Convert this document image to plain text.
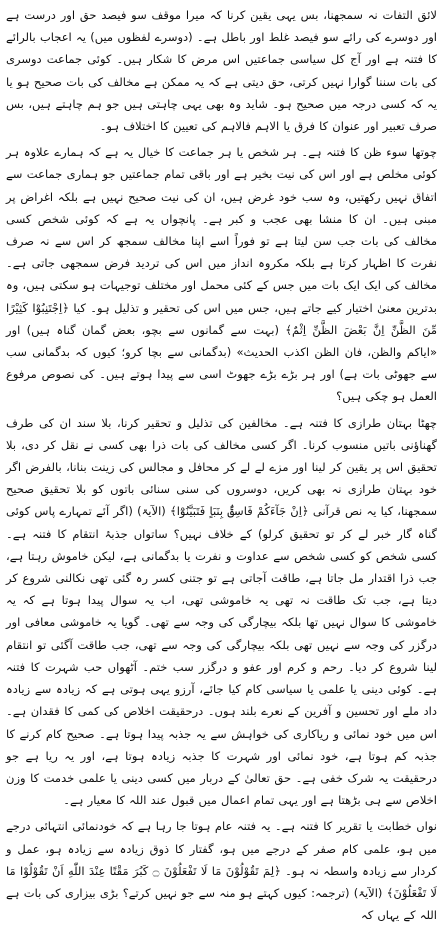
لائق التفات نہ سمجھنا، بس یہی یقین کرنا کہ میرا موقف سو فیصد حق اور درست ہے اور دوسرے کی رائے سو فیصد غلط اور باطل ہے۔ (دوسرے لفظوں میں) یہ اعجاب بالرائے کا فتنہ ہے اور آج کل سیاسی جماعتیں اس مرض کا شکار ہیں۔ کوئی جماعت دوسری کی بات سننا گوارا نہیں کرتی، حق دیتی ہے کہ یہ ممکن ہے مخالف کی بات صحیح ہو یا یہ کہ کسی درجہ میں صحیح ہو۔ شاید وہ بھی یہی چاہتی ہیں جو ہم چاہتے ہیں، بس صرف تعبیر اور عنوان کا فرق یا الاہم فالاہم کی تعیین کا اختلاف ہو۔

چوتھا سوء ظن کا فتنہ ہے۔ ہر شخص یا ہر جماعت کا خیال یہ ہے کہ ہمارے علاوہ ہر کوئی مخلص ہے اور اس کی نیت بخیر ہے اور باقی تمام جماعتیں جو ہماری جماعت سے اتفاق نہیں رکھتیں، وہ سب خود غرض ہیں، ان کی نیت صحیح نہیں ہے بلکہ اغراض پر مبنی ہیں۔ ان کا منشا بھی عجب و کبر ہے۔ پانچواں یہ ہے کہ کوئی شخص کسی مخالف کی بات جب سن لیتا ہے تو فوراً اسے اپنا مخالف سمجھ کر اس سے نہ صرف نفرت کا اظہار کرتا ہے بلکہ مکروہ انداز میں اس کی تردید فرض سمجھی جاتی ہے۔ مخالف کی ایک ایک بات میں جس کے کئی محمل اور مختلف توجیہات ہو سکتی ہیں، وہ بدترین معنیٰ اختیار کیے جاتے ہیں، جس میں اس کی تحقیر و تذلیل ہو۔ کیا ﴿اِجْتَنِبُوْا كَثِيْرًا مِّنَ الظَّنِّ اِنَّ بَعْضَ الظَّنِّ اِثْمٌ﴾ (بہت سے گمانوں سے بچو، بعض گمان گناہ ہیں) اور «ایاکم والظن، فان الظن اکذب الحدیث» (بدگمانی سے بچا کرو؛ کیوں کہ بدگمانی سب سے جھوٹی بات ہے) اور ہر بڑے بڑے جھوٹ اسی سے پیدا ہوتے ہیں۔ کی نصوص مرفوع العمل ہو چکی ہیں؟

چھٹا بہتان طرازی کا فتنہ ہے۔ مخالفین کی تذلیل و تحقیر کرنا، بلا سند ان کی طرف گھناؤنی باتیں منسوب کرنا۔ اگر کسی مخالف کی بات ذرا بھی کسی نے نقل کر دی، بلا تحقیق اس پر یقین کر لینا اور مزے لے لے کر محافل و مجالس کی زینت بنانا، بالفرض اگر خود بہتان طرازی نہ بھی کریں، دوسروں کی سنی سنائی باتوں کو بلا تحقیق صحیح سمجھنا، کیا یہ نص قرآنی ﴿اِنْ جَآءَكُمْ فَاسِقٌۢ بِنَبَاٍ فَتَبَيَّنُوْٓا﴾ (الآیۃ) (اگر آئے تمہارے پاس کوئی گناہ گار خبر لے کر تو تحقیق کرلو) کے خلاف نہیں؟ ساتواں جذبۂ انتقام کا فتنہ ہے۔ کسی شخص کو کسی شخص سے عداوت و نفرت یا بدگمانی ہے، لیکن خاموش رہتا ہے، جب ذرا اقتدار مل جاتا ہے، طاقت آجاتی ہے تو جتنی کسر رہ گئی تھی نکالنی شروع کر دیتا ہے، جب تک طاقت نہ تھی یہ خاموشی تھی، اب یہ سوال پیدا ہوتا ہے کہ یہ خاموشی کا سوال نہیں تھا بلکہ بیچارگی کی وجہ سے تھی۔ گویا یہ خاموشی معافی اور درگزر کی وجہ سے نہیں تھی بلکہ بیچارگی کی وجہ سے تھی، جب طاقت آگئی تو انتقام لینا شروع کر دیا۔ رحم و کرم اور عفو و درگزر سب ختم۔ آٹھواں حب شہرت کا فتنہ ہے۔ کوئی دینی یا علمی یا سیاسی کام کیا جائے، آرزو یہی ہوتی ہے کہ زیادہ سے زیادہ داد ملے اور تحسین و آفرین کے نعرے بلند ہوں۔ درحقیقت اخلاص کی کمی کا فقدان ہے۔ اس میں خود نمائی و ریاکاری کی خواہش سے یہ جذبہ پیدا ہوتا ہے۔ صحیح کام کرنے کا جذبہ کم ہوتا ہے، خود نمائی اور شہرت کا جذبہ زیادہ ہوتا ہے، اور یہ ریا ہے جو درحقیقت یہ شرک خفی ہے۔ حق تعالیٰ کے دربار میں کسی دینی یا علمی خدمت کا وزن اخلاص سے ہی بڑھتا ہے اور یہی تمام اعمال میں قبول عند اللہ کا معیار ہے۔

نواں خطابت یا تقریر کا فتنہ ہے۔ یہ فتنہ عام ہوتا جا رہا ہے کہ خودنمائی انتہائی درجے میں ہو، علمی کام صفر کے درجے میں ہو، گفتار کا ذوق زیادہ سے زیادہ ہو، عمل و کردار سے زیادہ واسطہ نہ ہو۔ ﴿لِمَ تَقُوْلُوْنَ مَا لَا تَفْعَلُوْنَ ۝ كَبُرَ مَقْتًا عِنْدَ اللّٰهِ اَنْ تَقُوْلُوْا مَا لَا تَفْعَلُوْنَ﴾ (الآیۃ) (ترجمہ: کیوں کہتے ہو منہ سے جو نہیں کرتے؟ بڑی بیزاری کی بات ہے اللہ کے یہاں کہ
